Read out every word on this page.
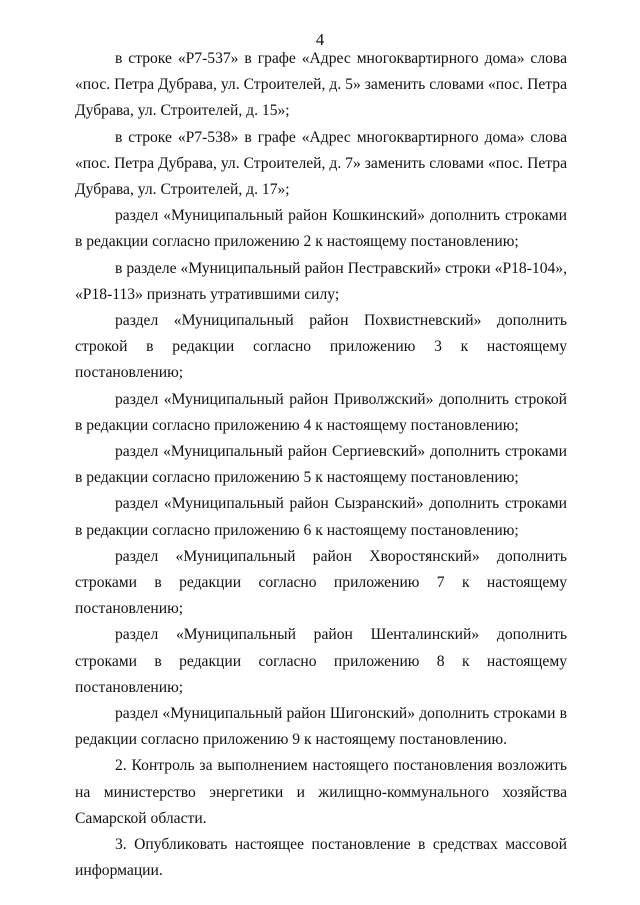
4

в строке «Р7-537» в графе «Адрес многоквартирного дома» слова «пос. Петра Дубрава, ул. Строителей, д. 5» заменить словами «пос. Петра Дубрава, ул. Строителей, д. 15»;

в строке «Р7-538» в графе «Адрес многоквартирного дома» слова «пос. Петра Дубрава, ул. Строителей, д. 7» заменить словами «пос. Петра Дубрава, ул. Строителей, д. 17»;

раздел «Муниципальный район Кошкинский» дополнить строками в редакции согласно приложению 2 к настоящему постановлению;

в разделе «Муниципальный район Пестравский» строки «Р18-104», «Р18-113» признать утратившими силу;

раздел «Муниципальный район Похвистневский» дополнить строкой в редакции согласно приложению 3 к настоящему постановлению;

раздел «Муниципальный район Приволжский» дополнить строкой в редакции согласно приложению 4 к настоящему постановлению;

раздел «Муниципальный район Сергиевский» дополнить строками в редакции согласно приложению 5 к настоящему постановлению;

раздел «Муниципальный район Сызранский» дополнить строками в редакции согласно приложению 6 к настоящему постановлению;

раздел «Муниципальный район Хворостянский» дополнить строками в редакции согласно приложению 7 к настоящему постановлению;

раздел «Муниципальный район Шенталинский» дополнить строками в редакции согласно приложению 8 к настоящему постановлению;

раздел «Муниципальный район Шигонский» дополнить строками в редакции согласно приложению 9 к настоящему постановлению.

2. Контроль за выполнением настоящего постановления возложить на министерство энергетики и жилищно-коммунального хозяйства Самарской области.

3. Опубликовать настоящее постановление в средствах массовой информации.
